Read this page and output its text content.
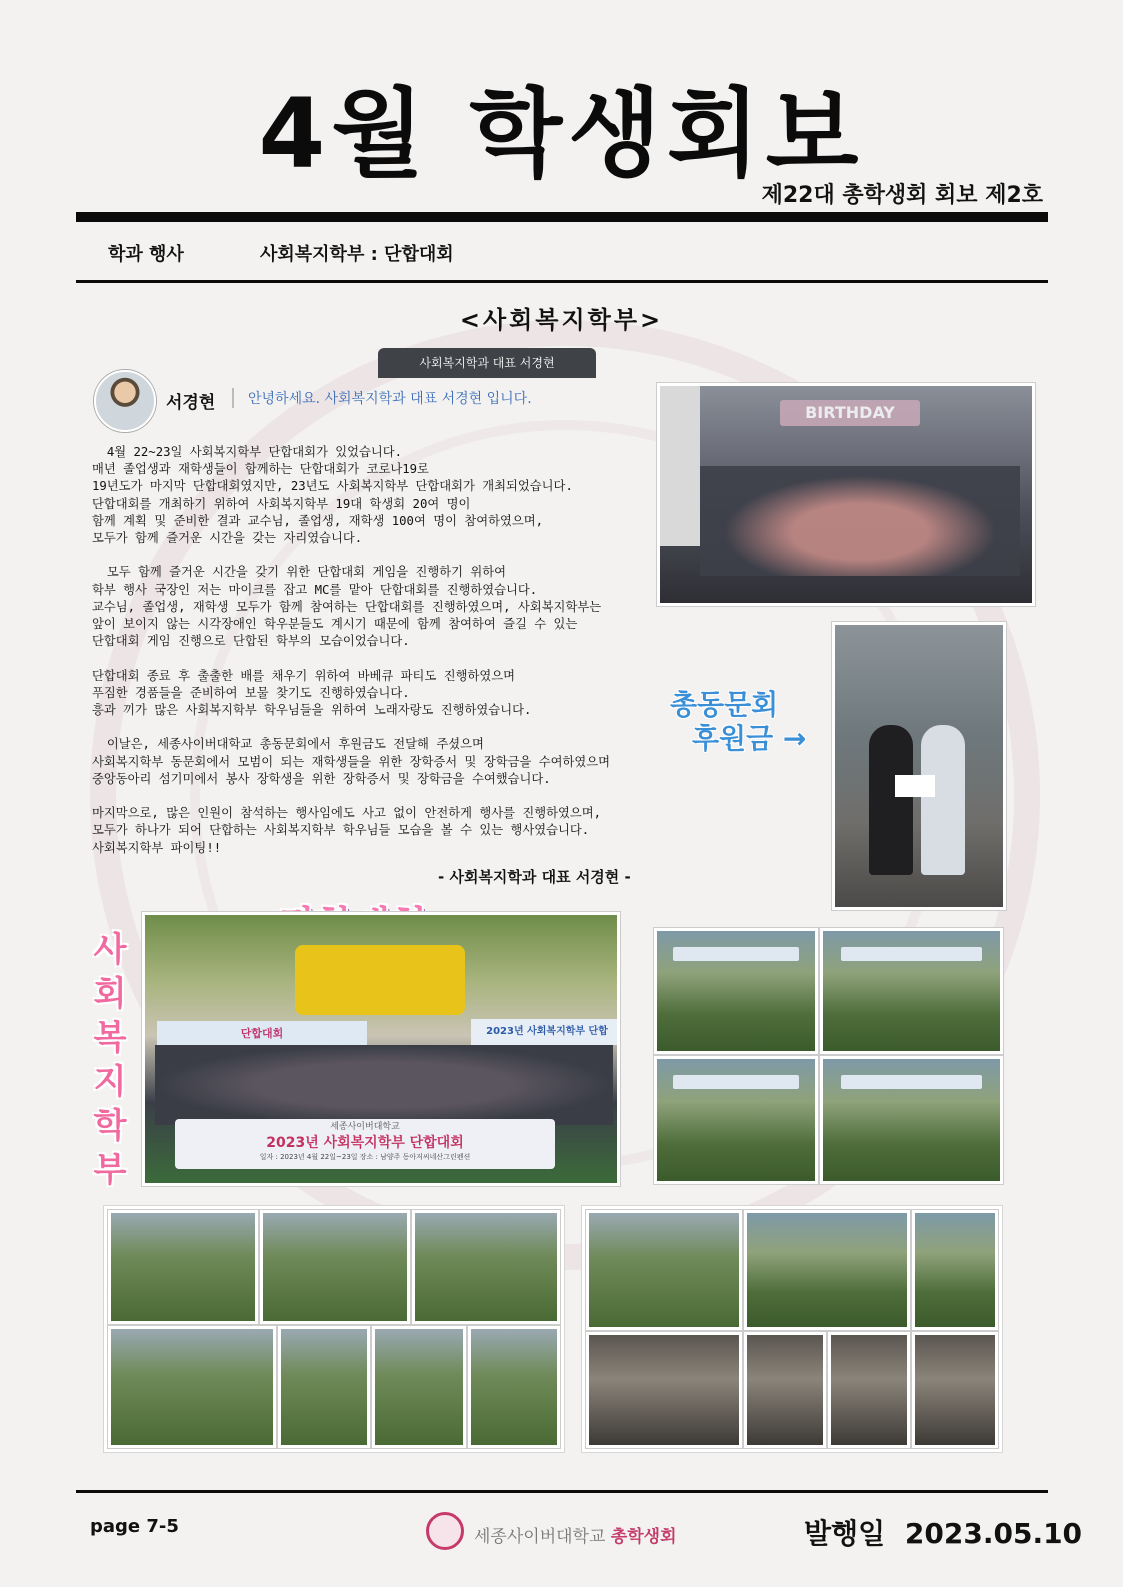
4월 학생회보
제22대 총학생회 회보 제2호
학과 행사	사회복지학부 : 단합대회
<사회복지학부>
사회복지학과 대표 서경현
서경현 안녕하세요. 사회복지학과 대표 서경현 입니다.
4월 22~23일 사회복지학부 단합대회가 있었습니다.
매년 졸업생과 재학생들이 함께하는 단합대회가 코로나19로
19년도가 마지막 단합대회였지만, 23년도 사회복지학부 단합대회가 개최되었습니다.
단합대회를 개최하기 위하여 사회복지학부 19대 학생회 20여 명이
함께 계획 및 준비한 결과 교수님, 졸업생, 재학생 100여 명이 참여하였으며,
모두가 함께 즐거운 시간을 갖는 자리였습니다.

모두 함께 즐거운 시간을 갖기 위한 단합대회 게임을 진행하기 위하여
학부 행사 국장인 저는 마이크를 잡고 MC를 맡아 단합대회를 진행하였습니다.
교수님, 졸업생, 재학생 모두가 함께 참여하는 단합대회를 진행하였으며, 사회복지학부는
앞이 보이지 않는 시각장애인 학우분들도 계시기 때문에 함께 참여하여 즐길 수 있는
단합대회 게임 진행으로 단합된 학부의 모습이었습니다.

단합대회 종료 후 출출한 배를 채우기 위하여 바베큐 파티도 진행하였으며
푸짐한 경품들을 준비하여 보물 찾기도 진행하였습니다.
흥과 끼가 많은 사회복지학부 학우님들을 위하여 노래자랑도 진행하였습니다.

이날은, 세종사이버대학교 총동문회에서 후원금도 전달해 주셨으며
사회복지학부 동문회에서 모범이 되는 재학생들을 위한 장학증서 및 장학금을 수여하였으며
중앙동아리 섬기미에서 봉사 장학생을 위한 장학증서 및 장학금을 수여했습니다.

마지막으로, 많은 인원이 참석하는 행사임에도 사고 없이 안전하게 행사를 진행하였으며,
모두가 하나가 되어 단합하는 사회복지학부 학우님들 모습을 볼 수 있는 행사였습니다.
사회복지학부 파이팅!!
- 사회복지학과 대표 서경현 -
BIRTHDAY
총동문회
후원금 →
사
회
복
지
학
부
단합대회	2023년 사회복지학부 단합
세종사이버대학교
2023년 사회복지학부 단합대회
일자 : 2023년 4월 22일~23일 장소 : 남양주 동아저씨네산그린펜션
page 7-5	세종사이버대학교 총학생회	발행일 2023.05.10
